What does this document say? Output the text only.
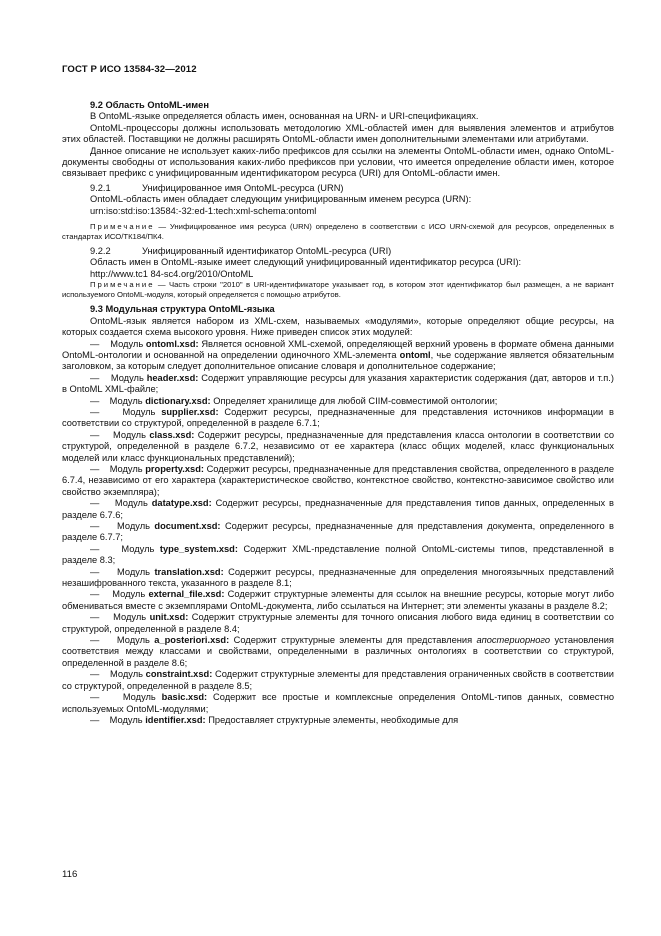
ГОСТ Р ИСО 13584-32—2012

9.2 Область OntoML-имен

В OntoML-языке определяется область имен, основанная на URN- и URI-спецификациях.

OntoML-процессоры должны использовать методологию XML-областей имен для выявления элементов и атрибутов этих областей. Поставщики не должны расширять OntoML-области имен дополнительными элементами или атрибутами.

Данное описание не использует каких-либо префиксов для ссылки на элементы OntoML-области имен, однако OntoML-документы свободны от использования каких-либо префиксов при условии, что имеется определение области имен, которое связывает префикс с унифицированным идентификатором ресурса (URI) для OntoML-области имен.

9.2.1	Унифицированное имя OntoML-ресурса (URN)

OntoML-область имен обладает следующим унифицированным именем ресурса (URN):

urn:iso:std:iso:13584:-32:ed-1:tech:xml-schema:ontoml

Примечание — Унифицированное имя ресурса (URN) определено в соответствии с ИСО URN-схемой для ресурсов, определенных в стандартах ИСО/ТК184/ПК4.

9.2.2	Унифицированный идентификатор OntoML-ресурса (URI)

Область имен в OntoML-языке имеет следующий унифицированный идентификатор ресурса (URI):

http://www.tc1 84-sc4.org/2010/OntoML

Примечание — Часть строки "2010" в URI-идентификаторе указывает год, в котором этот идентификатор был размещен, а не вариант используемого OntoML-модуля, который определяется с помощью атрибутов.

9.3 Модульная структура OntoML-языка

OntoML-язык является набором из XML-схем, называемых «модулями», которые определяют общие ресурсы, на которых создается схема высокого уровня. Ниже приведен список этих модулей:

— Модуль ontoml.xsd: Является основной XML-схемой, определяющей верхний уровень в формате обмена данными OntoML-онтологии и основанной на определении одиночного XML-элемента ontoml, чье содержание является обязательным заголовком, за которым следует дополнительное описание словаря и дополнительное содержание;

— Модуль header.xsd: Содержит управляющие ресурсы для указания характеристик содержания (дат, авторов и т.п.) в OntoML XML-файле;

— Модуль dictionary.xsd: Определяет хранилище для любой CIIM-совместимой онтологии;

— Модуль supplier.xsd: Содержит ресурсы, предназначенные для представления источников информации в соответствии со структурой, определенной в разделе 6.7.1;

— Модуль class.xsd: Содержит ресурсы, предназначенные для представления класса онтологии в соответствии со структурой, определенной в разделе 6.7.2, независимо от ее характера (класс общих моделей, класс функциональных моделей или класс функциональных представлений);

— Модуль property.xsd: Содержит ресурсы, предназначенные для представления свойства, определенного в разделе 6.7.4, независимо от его характера (характеристическое свойство, контекстное свойство, контекстно-зависимое свойство или свойство экземпляра);

— Модуль datatype.xsd: Содержит ресурсы, предназначенные для представления типов данных, определенных в разделе 6.7.6;

— Модуль document.xsd: Содержит ресурсы, предназначенные для представления документа, определенного в разделе 6.7.7;

— Модуль type_system.xsd: Содержит XML-представление полной OntoML-системы типов, представленной в разделе 8.3;

— Модуль translation.xsd: Содержит ресурсы, предназначенные для определения многоязычных представлений незашифрованного текста, указанного в разделе 8.1;

— Модуль external_file.xsd: Содержит структурные элементы для ссылок на внешние ресурсы, которые могут либо обмениваться вместе с экземплярами OntoML-документа, либо ссылаться на Интернет; эти элементы указаны в разделе 8.2;

— Модуль unit.xsd: Содержит структурные элементы для точного описания любого вида единиц в соответствии со структурой, определенной в разделе 8.4;

— Модуль a_posteriori.xsd: Содержит структурные элементы для представления апостериорного установления соответствия между классами и свойствами, определенными в различных онтологиях в соответствии со структурой, определенной в разделе 8.6;

— Модуль constraint.xsd: Содержит структурные элементы для представления ограниченных свойств в соответствии со структурой, определенной в разделе 8.5;

—	Модуль basic.xsd: Содержит все простые и комплексные определения OntoML-типов данных, совместно используемых OntoML-модулями;

— Модуль identifier.xsd: Предоставляет структурные элементы, необходимые для

116
